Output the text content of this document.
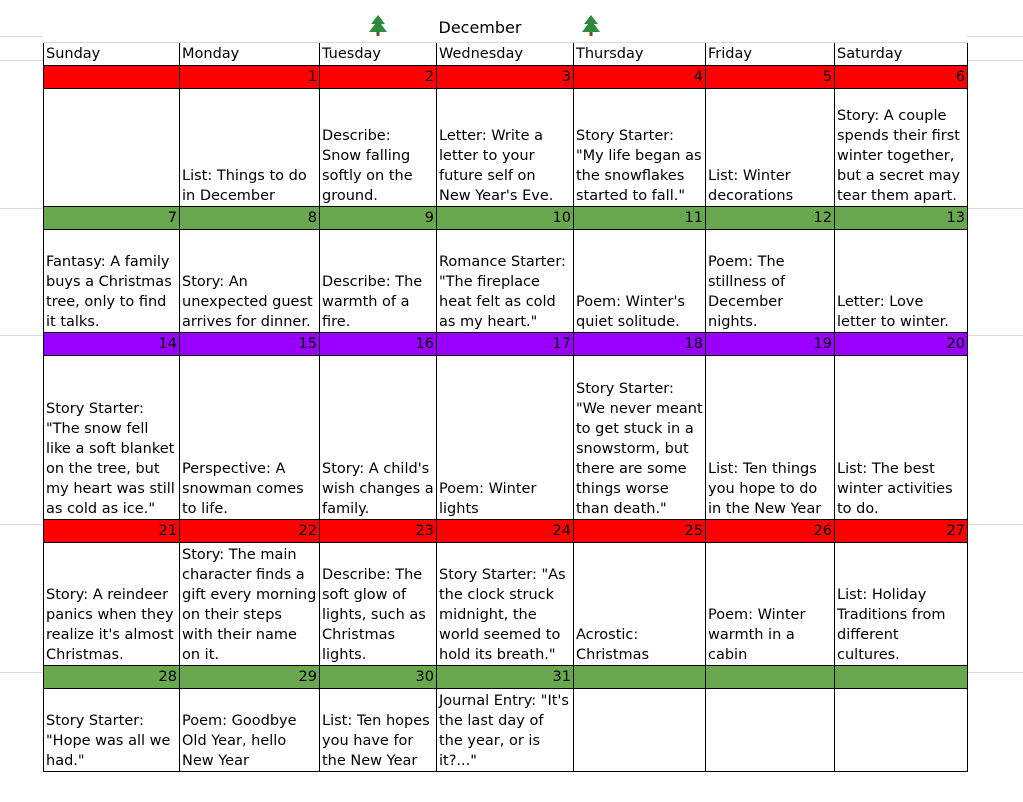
			December			
Sunday	Monday	Tuesday	Wednesday	Thursday	Friday	Saturday
	1	2	3	4	5	6
	List: Things to do in December	Describe: Snow falling softly on the ground.	Letter: Write a letter to your future self on New Year's Eve.	Story Starter: "My life began as the snowflakes started to fall."	List: Winter decorations	Story: A couple spends their first winter together, but a secret may tear them apart.
7	8	9	10	11	12	13
Fantasy: A family buys a Christmas tree, only to find it talks.	Story: An unexpected guest arrives for dinner.	Describe: The warmth of a fire.	Romance Starter: "The fireplace heat felt as cold as my heart."	Poem: Winter's quiet solitude.	Poem: The stillness of December nights.	Letter: Love letter to winter.
14	15	16	17	18	19	20
Story Starter: "The snow fell like a soft blanket on the tree, but my heart was still as cold as ice."	Perspective: A snowman comes to life.	Story: A child's wish changes a family.	Poem: Winter lights	Story Starter: "We never meant to get stuck in a snowstorm, but there are some things worse than death."	List: Ten things you hope to do in the New Year	List: The best winter activities to do.
21	22	23	24	25	26	27
Story: A reindeer panics when they realize it's almost Christmas.	Story: The main character finds a gift every morning on their steps with their name on it.	Describe: The soft glow of lights, such as Christmas lights.	Story Starter: "As the clock struck midnight, the world seemed to hold its breath."	Acrostic: Christmas	Poem: Winter warmth in a cabin	List: Holiday Traditions from different cultures.
28	29	30	31			
Story Starter: "Hope was all we had."	Poem: Goodbye Old Year, hello New Year	List: Ten hopes you have for the New Year	Journal Entry: "It's the last day of the year, or is it?..."			
